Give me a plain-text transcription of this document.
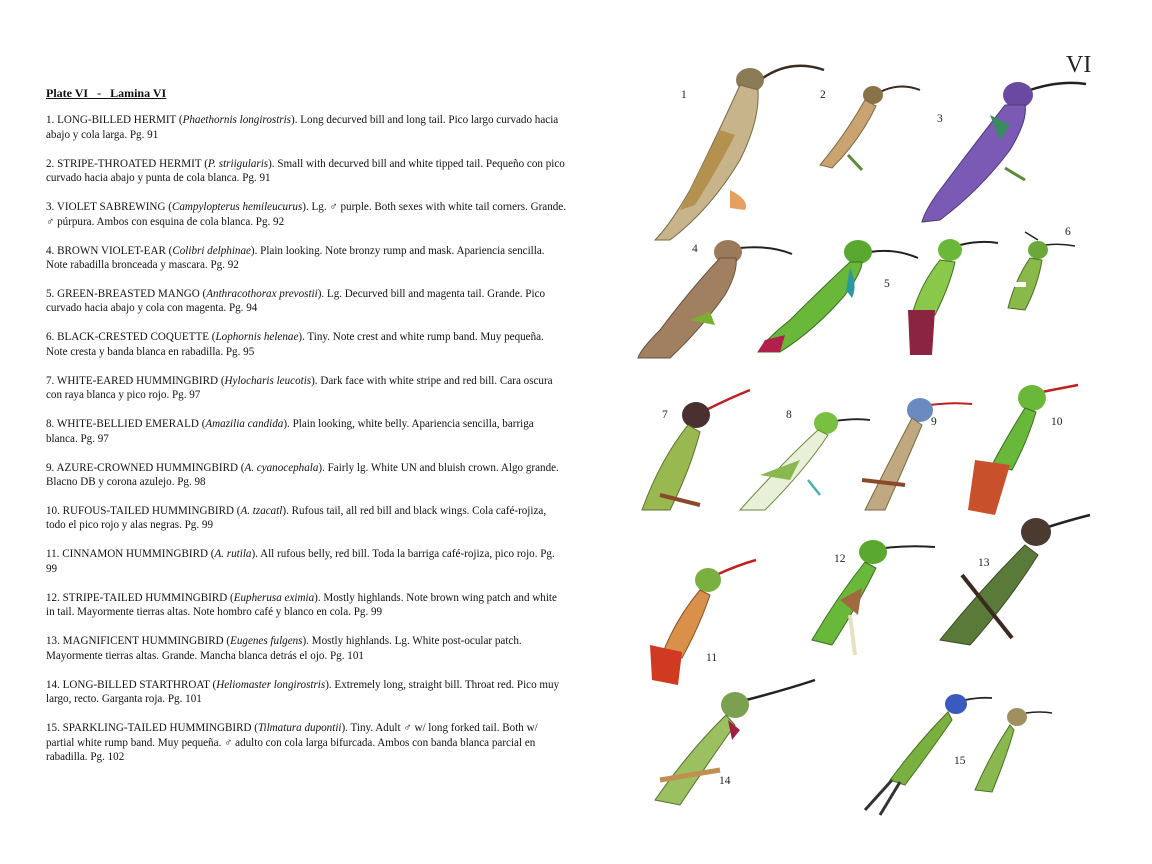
Plate VI   -   Lamina VI
1. LONG-BILLED HERMIT (Phaethornis longirostris). Long decurved bill and long tail. Pico largo curvado hacia abajo y cola larga. Pg. 91
2. STRIPE-THROATED HERMIT (P. striigularis). Small with decurved bill and white tipped tail. Pequeño con pico curvado hacia abajo y punta de cola blanca. Pg. 91
3. VIOLET SABREWING (Campylopterus hemileucurus). Lg. ♂ purple. Both sexes with white tail corners. Grande. ♂ púrpura. Ambos con esquina de cola blanca. Pg. 92
4. BROWN VIOLET-EAR (Colibri delphinae). Plain looking. Note bronzy rump and mask. Apariencia sencilla. Note rabadilla bronceada y mascara. Pg. 92
5. GREEN-BREASTED MANGO (Anthracothorax prevostii). Lg. Decurved bill and magenta tail. Grande. Pico curvado hacia abajo y cola con magenta. Pg. 94
6. BLACK-CRESTED COQUETTE (Lophornis helenae). Tiny. Note crest and white rump band. Muy pequeña. Note cresta y banda blanca en rabadilla. Pg. 95
7. WHITE-EARED HUMMINGBIRD (Hylocharis leucotis). Dark face with white stripe and red bill. Cara oscura con raya blanca y pico rojo. Pg. 97
8. WHITE-BELLIED EMERALD (Amazilia candida). Plain looking, white belly. Apariencia sencilla, barriga blanca. Pg. 97
9. AZURE-CROWNED HUMMINGBIRD (A. cyanocephala). Fairly lg. White UN and bluish crown. Algo grande. Blacno DB y corona azulejo. Pg. 98
10. RUFOUS-TAILED HUMMINGBIRD (A. tzacatl). Rufous tail, all red bill and black wings. Cola café-rojiza, todo el pico rojo y alas negras. Pg. 99
11. CINNAMON HUMMINGBIRD (A. rutila). All rufous belly, red bill. Toda la barriga café-rojiza, pico rojo. Pg. 99
12. STRIPE-TAILED HUMMINGBIRD (Eupherusa eximia). Mostly highlands. Note brown wing patch and white in tail. Mayormente tierras altas. Note hombro café y blanco en cola. Pg. 99
13. MAGNIFICENT HUMMINGBIRD (Eugenes fulgens). Mostly highlands. Lg. White post-ocular patch. Mayormente tierras altas. Grande. Mancha blanca detrás el ojo. Pg. 101
14. LONG-BILLED STARTHROAT (Heliomaster longirostris). Extremely long, straight bill. Throat red. Pico muy largo, recto. Garganta roja. Pg. 101
15. SPARKLING-TAILED HUMMINGBIRD (Tilmatura dupontii). Tiny. Adult ♂ w/ long forked tail. Both w/ partial white rump band. Muy pequeña. ♂ adulto con cola larga bifurcada. Ambos con banda blanca parcial en rabadilla. Pg. 102
VI
1	2
3
4
5
6
7	8
9	10
11
12	13
14
15
